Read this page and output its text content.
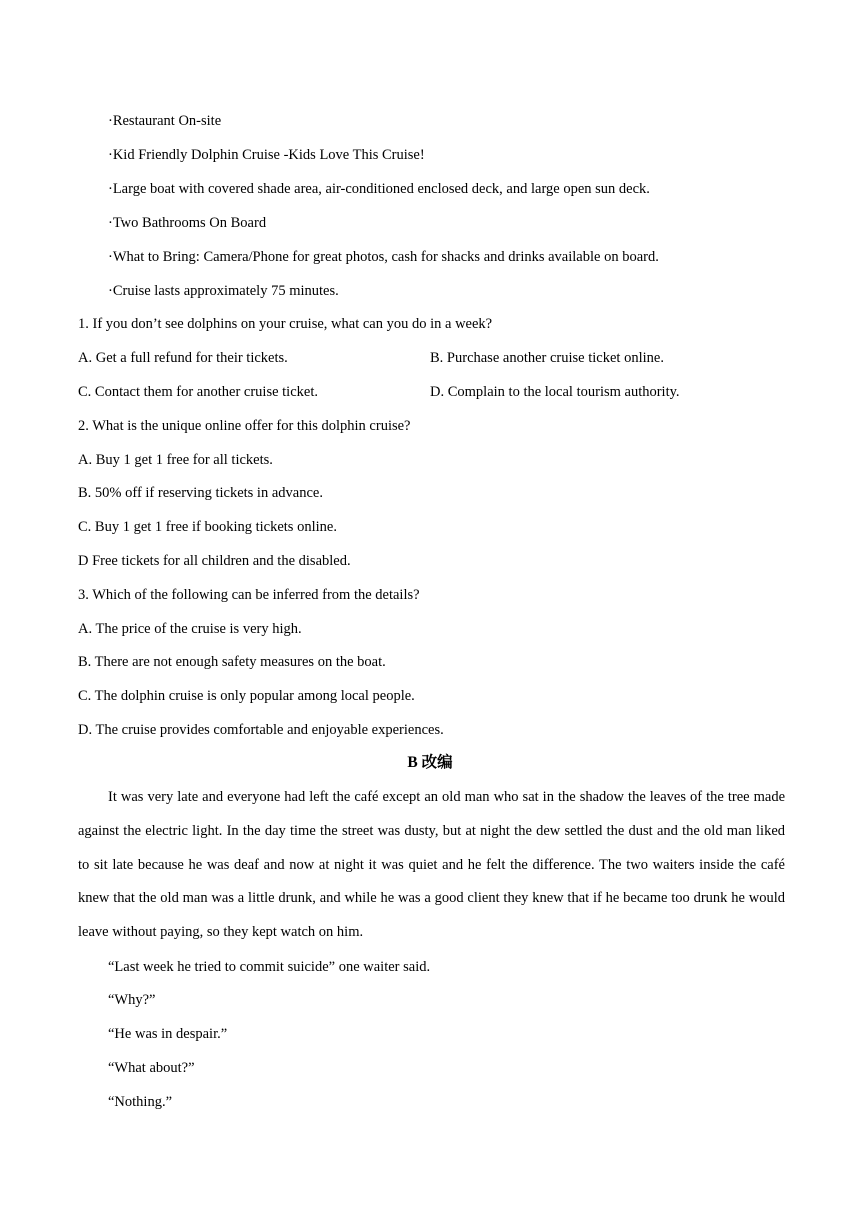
·Restaurant On-site
·Kid Friendly Dolphin Cruise -Kids Love This Cruise!
·Large boat with covered shade area, air-conditioned enclosed deck, and large open sun deck.
·Two Bathrooms On Board
·What to Bring: Camera/Phone for great photos, cash for shacks and drinks available on board.
·Cruise lasts approximately 75 minutes.
1. If you don’t see dolphins on your cruise, what can you do in a week?
A. Get a full refund for their tickets.	B. Purchase another cruise ticket online.
C. Contact them for another cruise ticket.	D. Complain to the local tourism authority.
2. What is the unique online offer for this dolphin cruise?
A. Buy 1 get 1 free for all tickets.
B. 50% off if reserving tickets in advance.
C. Buy 1 get 1 free if booking tickets online.
D Free tickets for all children and the disabled.
3. Which of the following can be inferred from the details?
A. The price of the cruise is very high.
B. There are not enough safety measures on the boat.
C. The dolphin cruise is only popular among local people.
D. The cruise provides comfortable and enjoyable experiences.
B 改编
It was very late and everyone had left the café except an old man who sat in the shadow the leaves of the tree made against the electric light. In the day time the street was dusty, but at night the dew settled the dust and the old man liked to sit late because he was deaf and now at night it was quiet and he felt the difference. The two waiters inside the café knew that the old man was a little drunk, and while he was a good client they knew that if he became too drunk he would leave without paying, so they kept watch on him.
“Last week he tried to commit suicide” one waiter said.
“Why?”
“He was in despair.”
“What about?”
“Nothing.”
